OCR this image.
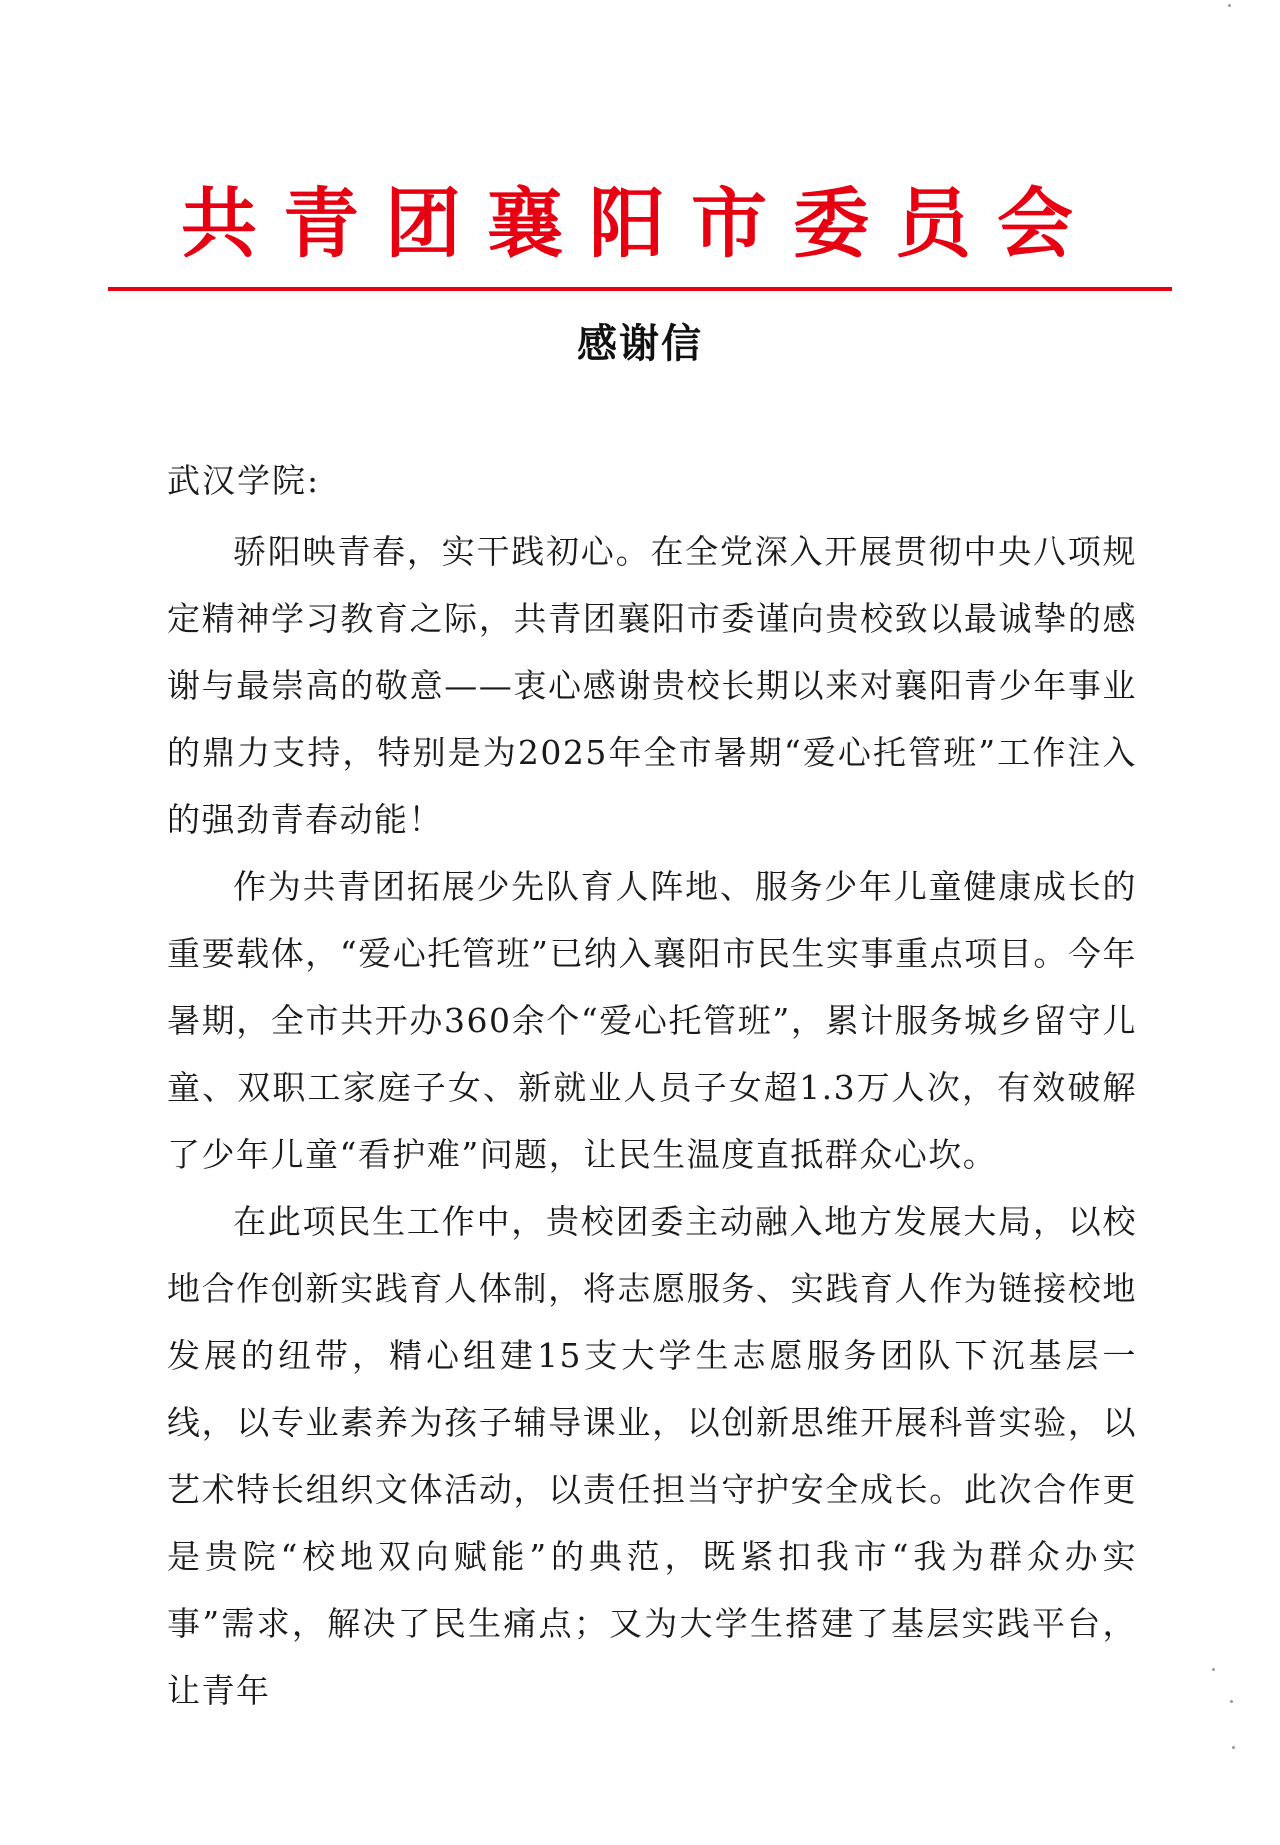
共青团襄阳市委员会
感谢信
武汉学院:

骄阳映青春，实干践初心。在全党深入开展贯彻中央八项规定精神学习教育之际，共青团襄阳市委谨向贵校致以最诚挚的感谢与最崇高的敬意——衷心感谢贵校长期以来对襄阳青少年事业的鼎力支持，特别是为2025年全市暑期“爱心托管班”工作注入的强劲青春动能！

作为共青团拓展少先队育人阵地、服务少年儿童健康成长的重要载体，“爱心托管班”已纳入襄阳市民生实事重点项目。今年暑期，全市共开办360余个“爱心托管班”，累计服务城乡留守儿童、双职工家庭子女、新就业人员子女超1.3万人次，有效破解了少年儿童“看护难”问题，让民生温度直抵群众心坎。

在此项民生工作中，贵校团委主动融入地方发展大局，以校地合作创新实践育人体制，将志愿服务、实践育人作为链接校地发展的纽带，精心组建15支大学生志愿服务团队下沉基层一线，以专业素养为孩子辅导课业，以创新思维开展科普实验，以艺术特长组织文体活动，以责任担当守护安全成长。此次合作更是贵院“校地双向赋能”的典范，既紧扣我市“我为群众办实事”需求，解决了民生痛点；又为大学生搭建了基层实践平台，让青年
